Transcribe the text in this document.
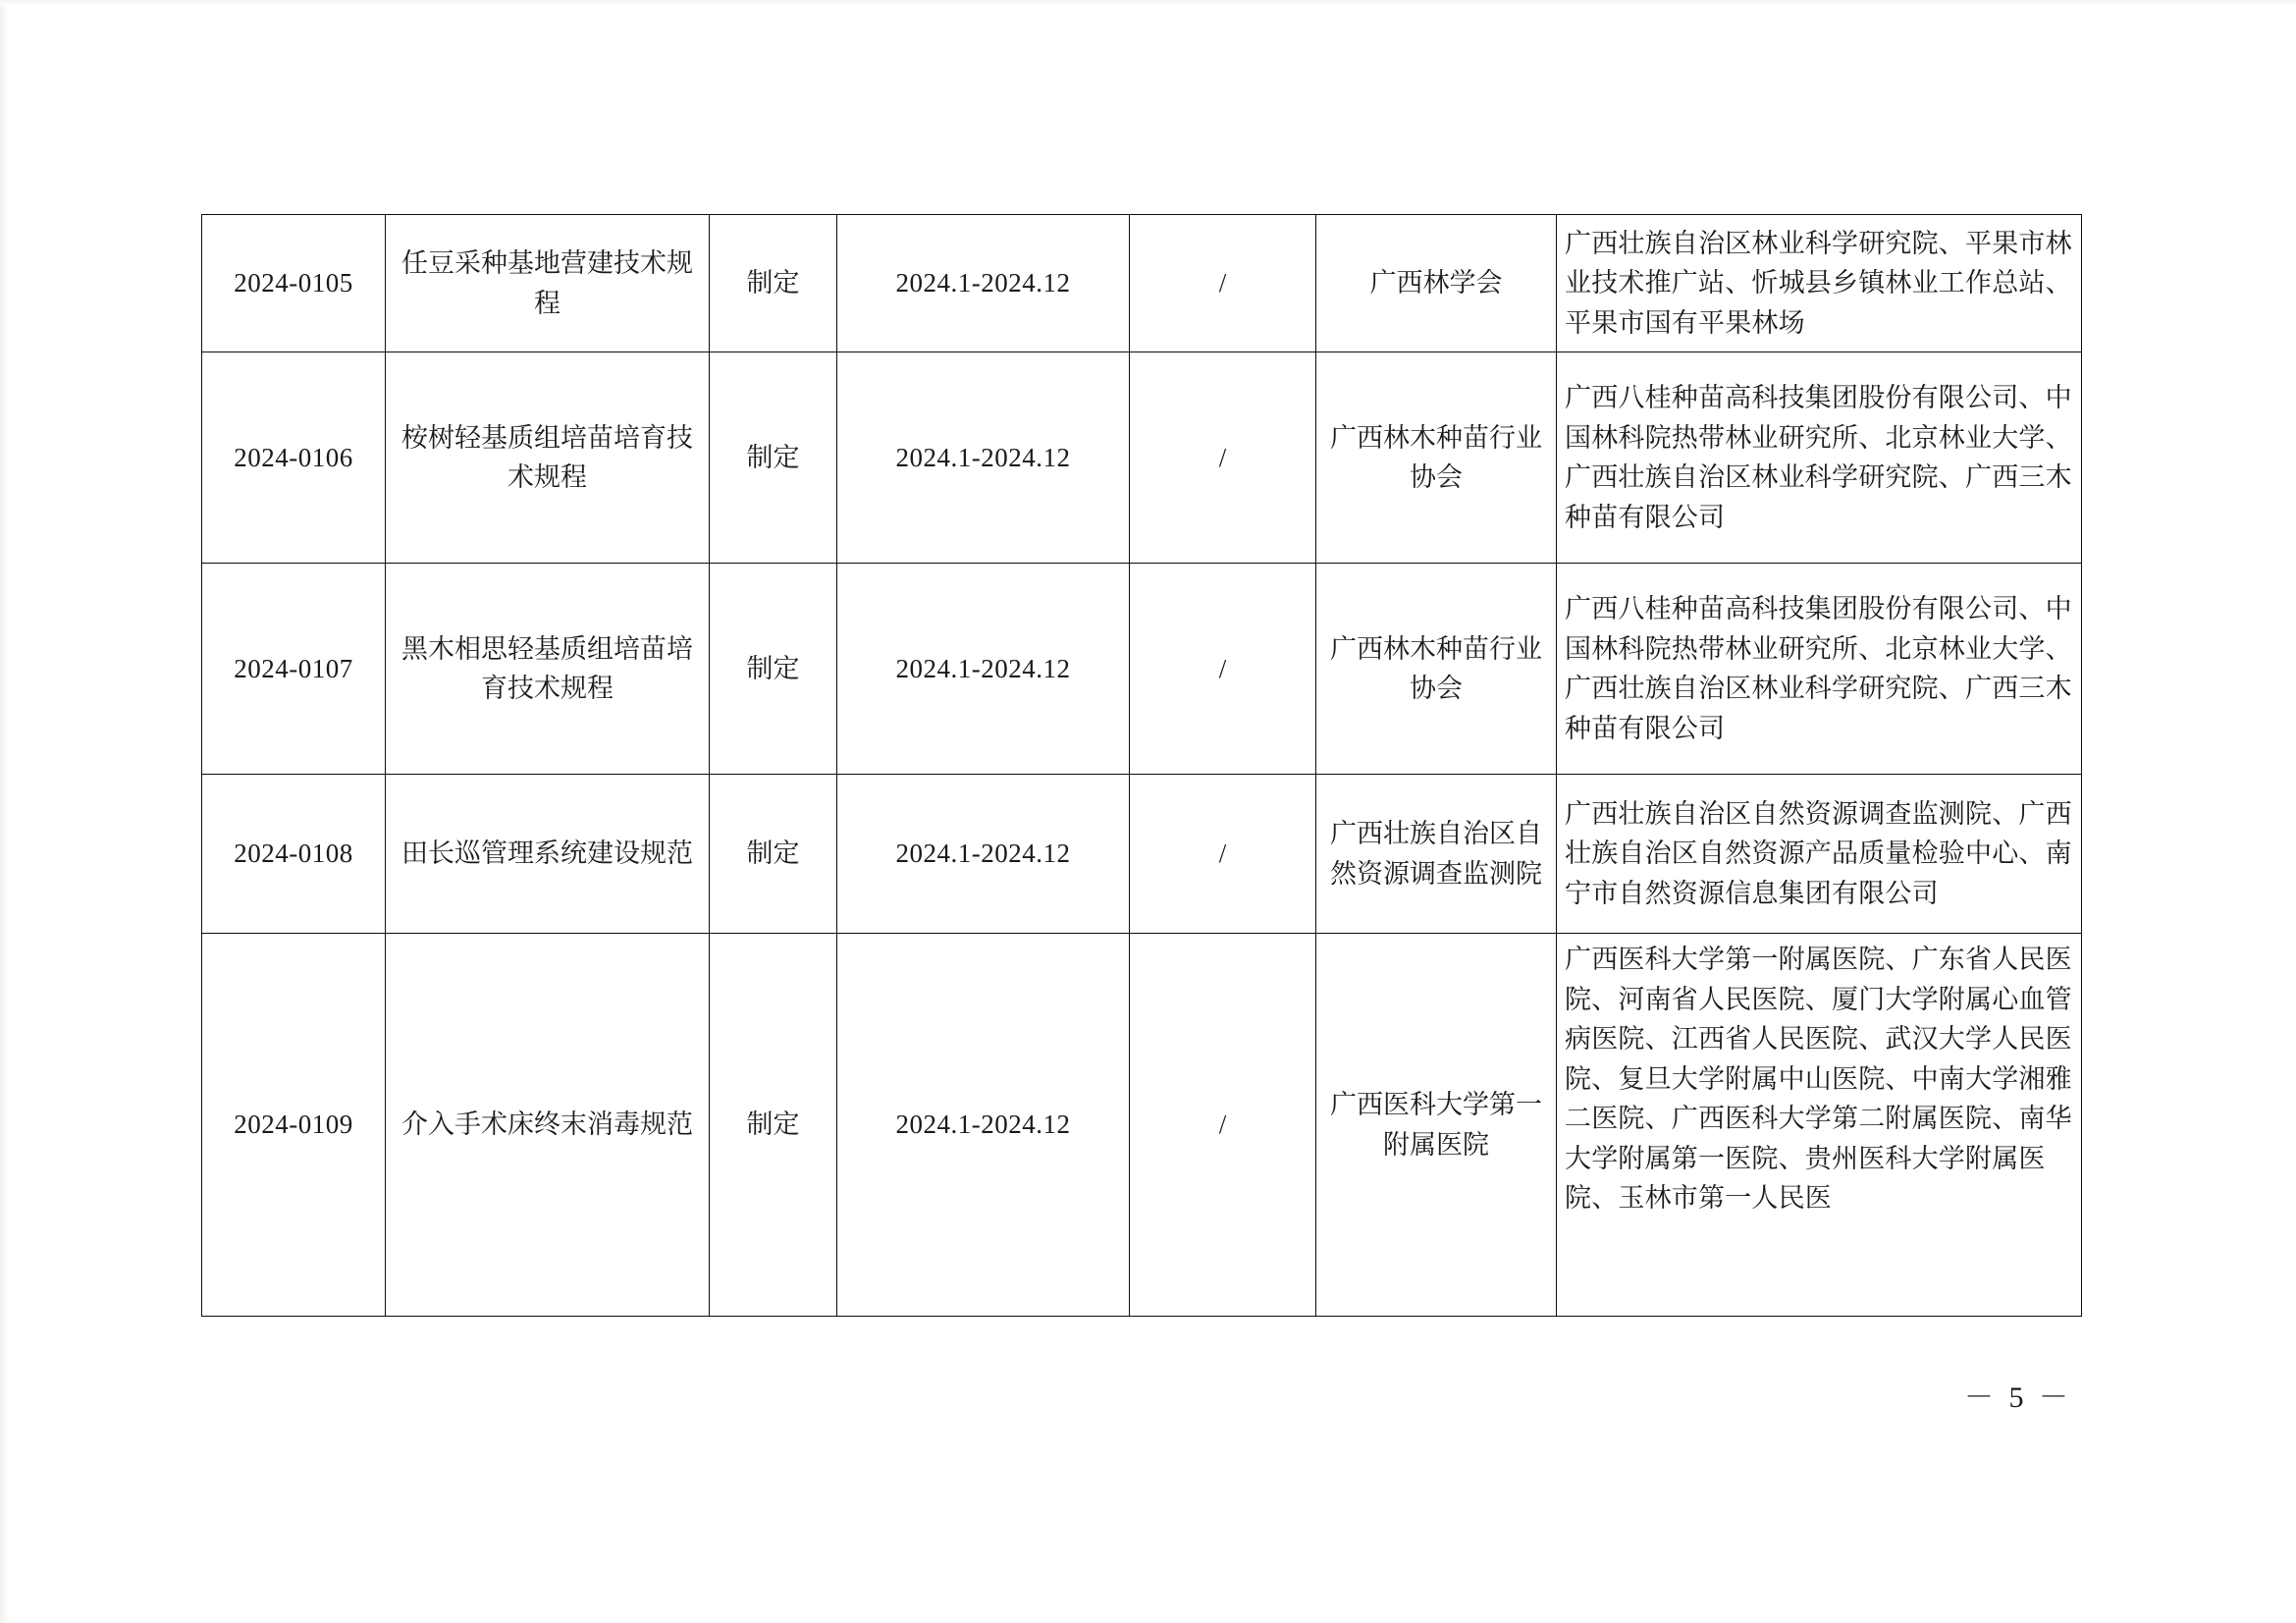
2024-0105	任豆采种基地营建技术规程	制定	2024.1-2024.12	/	广西林学会	广西壮族自治区林业科学研究院、平果市林业技术推广站、忻城县乡镇林业工作总站、平果市国有平果林场
2024-0106	桉树轻基质组培苗培育技术规程	制定	2024.1-2024.12	/	广西林木种苗行业协会	广西八桂种苗高科技集团股份有限公司、中国林科院热带林业研究所、北京林业大学、广西壮族自治区林业科学研究院、广西三木种苗有限公司
2024-0107	黑木相思轻基质组培苗培育技术规程	制定	2024.1-2024.12	/	广西林木种苗行业协会	广西八桂种苗高科技集团股份有限公司、中国林科院热带林业研究所、北京林业大学、广西壮族自治区林业科学研究院、广西三木种苗有限公司
2024-0108	田长巡管理系统建设规范	制定	2024.1-2024.12	/	广西壮族自治区自然资源调查监测院	广西壮族自治区自然资源调查监测院、广西壮族自治区自然资源产品质量检验中心、南宁市自然资源信息集团有限公司
2024-0109	介入手术床终末消毒规范	制定	2024.1-2024.12	/	广西医科大学第一附属医院	广西医科大学第一附属医院、广东省人民医院、河南省人民医院、厦门大学附属心血管病医院、江西省人民医院、武汉大学人民医院、复旦大学附属中山医院、中南大学湘雅二医院、广西医科大学第二附属医院、南华大学附属第一医院、贵州医科大学附属医院、玉林市第一人民医
－ 5 －
